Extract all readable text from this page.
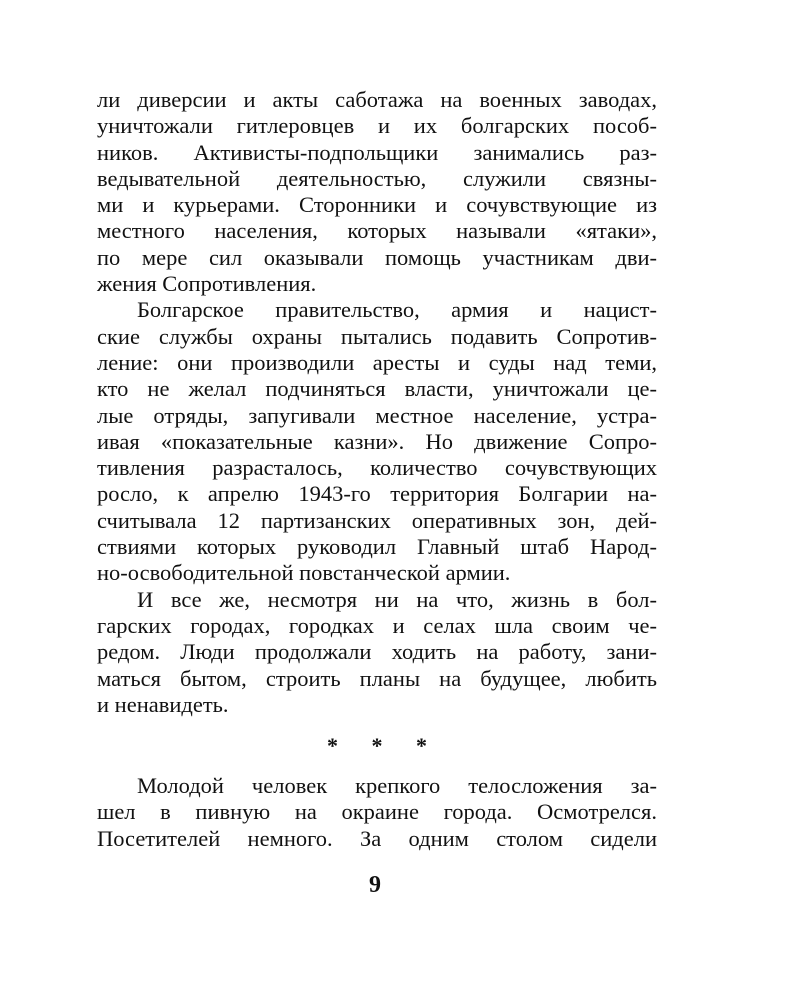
ли диверсии и акты саботажа на военных заводах,
уничтожали гитлеровцев и их болгарских пособ-
ников. Активисты-подпольщики занимались раз-
ведывательной деятельностью, служили связны-
ми и курьерами. Сторонники и сочувствующие из
местного населения, которых называли «ятаки»,
по мере сил оказывали помощь участникам дви-
жения Сопротивления.
Болгарское правительство, армия и нацист-
ские службы охраны пытались подавить Сопротив-
ление: они производили аресты и суды над теми,
кто не желал подчиняться власти, уничтожали це-
лые отряды, запугивали местное население, устра-
ивая «показательные казни». Но движение Сопро-
тивления разрасталось, количество сочувствующих
росло, к апрелю 1943-го территория Болгарии на-
считывала 12 партизанских оперативных зон, дей-
ствиями которых руководил Главный штаб Народ-
но-освободительной повстанческой армии.
И все же, несмотря ни на что, жизнь в бол-
гарских городах, городках и селах шла своим че-
редом. Люди продолжали ходить на работу, зани-
маться бытом, строить планы на будущее, любить
и ненавидеть.
* * *
Молодой человек крепкого телосложения за-
шел в пивную на окраине города. Осмотрелся.
Посетителей немного. За одним столом сидели
9
